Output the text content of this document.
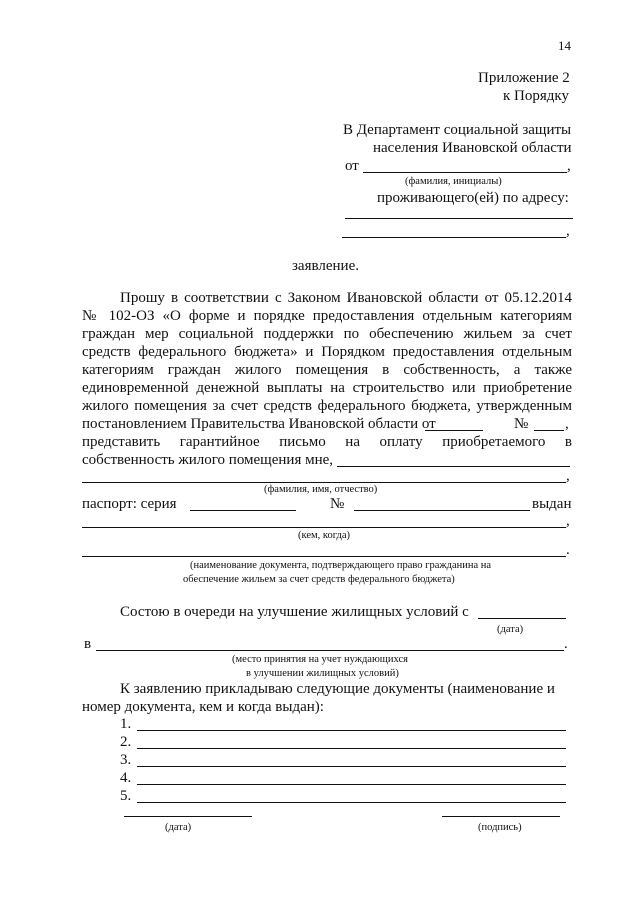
14
Приложение 2
к Порядку
В Департамент социальной защиты
населения Ивановской области
от	,
(фамилия, инициалы)
проживающего(ей) по адресу:
,
заявление.
Прошу в соответствии с Законом Ивановской области от 05.12.2014
№ 102-ОЗ «О форме и порядке предоставления отдельным категориям
граждан мер социальной поддержки по обеспечению жильем за счет
средств федерального бюджета» и Порядком предоставления отдельным
категориям граждан жилого помещения в собственность, а также
единовременной денежной выплаты на строительство или приобретение
жилого помещения за счет средств федерального бюджета, утвержденным
постановлением Правительства Ивановской области от	№ ,
представить гарантийное письмо на оплату приобретаемого в
собственность жилого помещения мне,
,
(фамилия, имя, отчество)
паспорт: серия	№	выдан
,
(кем, когда)
.
(наименование документа, подтверждающего право гражданина на
обеспечение жильем за счет средств федерального бюджета)
Состою в очереди на улучшение жилищных условий с
(дата)
в	.
(место принятия на учет нуждающихся
в улучшении жилищных условий)
К заявлению прикладываю следующие документы (наименование и
номер документа, кем и когда выдан):
1.
2.
3.
4.
5.
(дата)	(подпись)
